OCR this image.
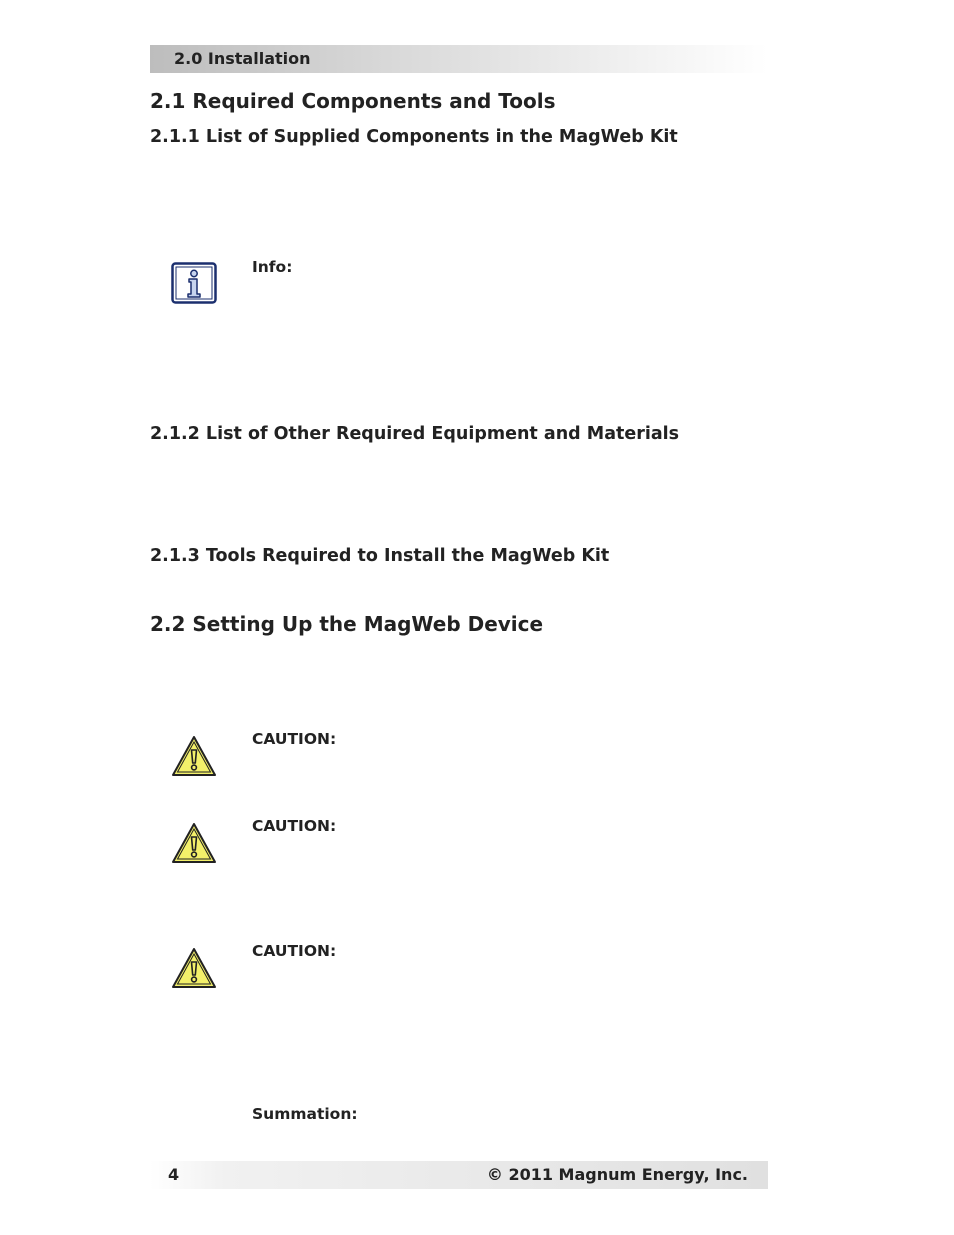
2.0 Installation
2.1 Required Components and Tools
2.1.1 List of Supplied Components in the MagWeb Kit
Info:
2.1.2 List of Other Required Equipment and Materials
2.1.3 Tools Required to Install the MagWeb Kit
2.2 Setting Up the MagWeb Device
CAUTION:
CAUTION:
CAUTION:
Summation:
4	© 2011 Magnum Energy, Inc.
